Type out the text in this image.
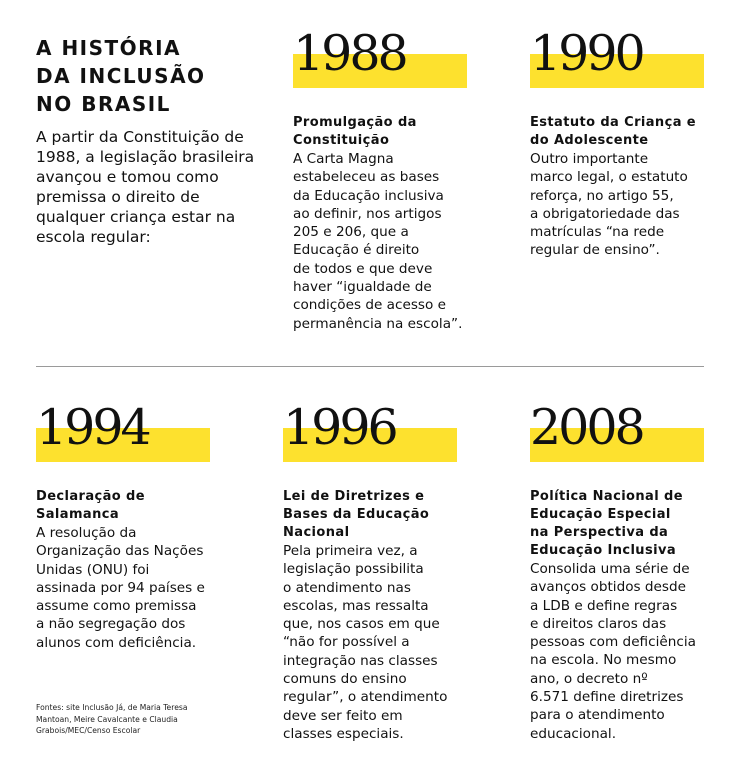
A HISTÓRIA
DA INCLUSÃO
NO BRASIL

A partir da Constituição de 1988, a legislação brasileira avançou e tomou como premissa o direito de qualquer criança estar na escola regular:

1988

Promulgação da
Constituição

A Carta Magna
estabeleceu as bases
da Educação inclusiva
ao definir, nos artigos
205 e 206, que a
Educação é direito
de todos e que deve
haver “igualdade de
condições de acesso e
permanência na escola”.

1990

Estatuto da Criança e
do Adolescente

Outro importante
marco legal, o estatuto
reforça, no artigo 55,
a obrigatoriedade das
matrículas “na rede
regular de ensino”.

1994

Declaração de
Salamanca

A resolução da
Organização das Nações
Unidas (ONU) foi
assinada por 94 países e
assume como premissa
a não segregação dos
alunos com deficiência.

1996

Lei de Diretrizes e
Bases da Educação
Nacional

Pela primeira vez, a
legislação possibilita
o atendimento nas
escolas, mas ressalta
que, nos casos em que
“não for possível a
integração nas classes
comuns do ensino
regular”, o atendimento
deve ser feito em
classes especiais.

2008

Política Nacional de
Educação Especial
na Perspectiva da
Educação Inclusiva

Consolida uma série de
avanços obtidos desde
a LDB e define regras
e direitos claros das
pessoas com deficiência
na escola. No mesmo
ano, o decreto nº
6.571 define diretrizes
para o atendimento
educacional.

Fontes: site Inclusão Já, de Maria Teresa
Mantoan, Meire Cavalcante e Claudia
Grabois/MEC/Censo Escolar
